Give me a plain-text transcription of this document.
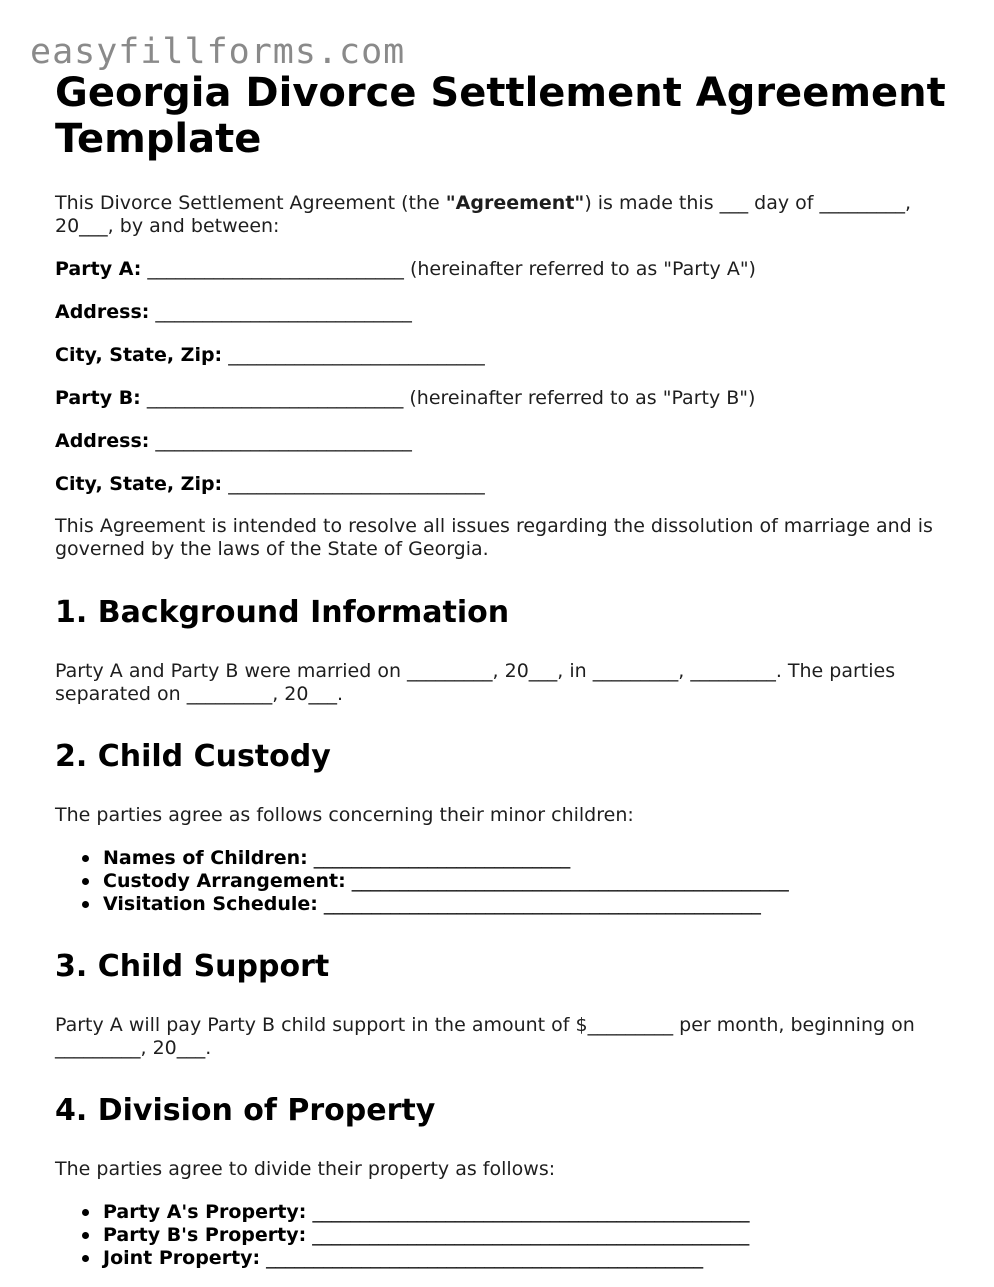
easyfillforms.com
Georgia Divorce Settlement Agreement
Template

This Divorce Settlement Agreement (the "Agreement") is made this ___ day of _________, 20___, by and between:

Party A: ___________________________ (hereinafter referred to as "Party A")

Address: ___________________________

City, State, Zip: ___________________________

Party B: ___________________________ (hereinafter referred to as "Party B")

Address: ___________________________

City, State, Zip: ___________________________

This Agreement is intended to resolve all issues regarding the dissolution of marriage and is governed by the laws of the State of Georgia.

1. Background Information

Party A and Party B were married on _________, 20___, in _________, _________. The parties separated on _________, 20___.

2. Child Custody

The parties agree as follows concerning their minor children:

Names of Children: ___________________________
Custody Arrangement: ______________________________________________
Visitation Schedule: ______________________________________________
3. Child Support

Party A will pay Party B child support in the amount of $_________ per month, beginning on _________, 20___.

4. Division of Property

The parties agree to divide their property as follows:

Party A's Property: ______________________________________________
Party B's Property: ______________________________________________
Joint Property: ______________________________________________
